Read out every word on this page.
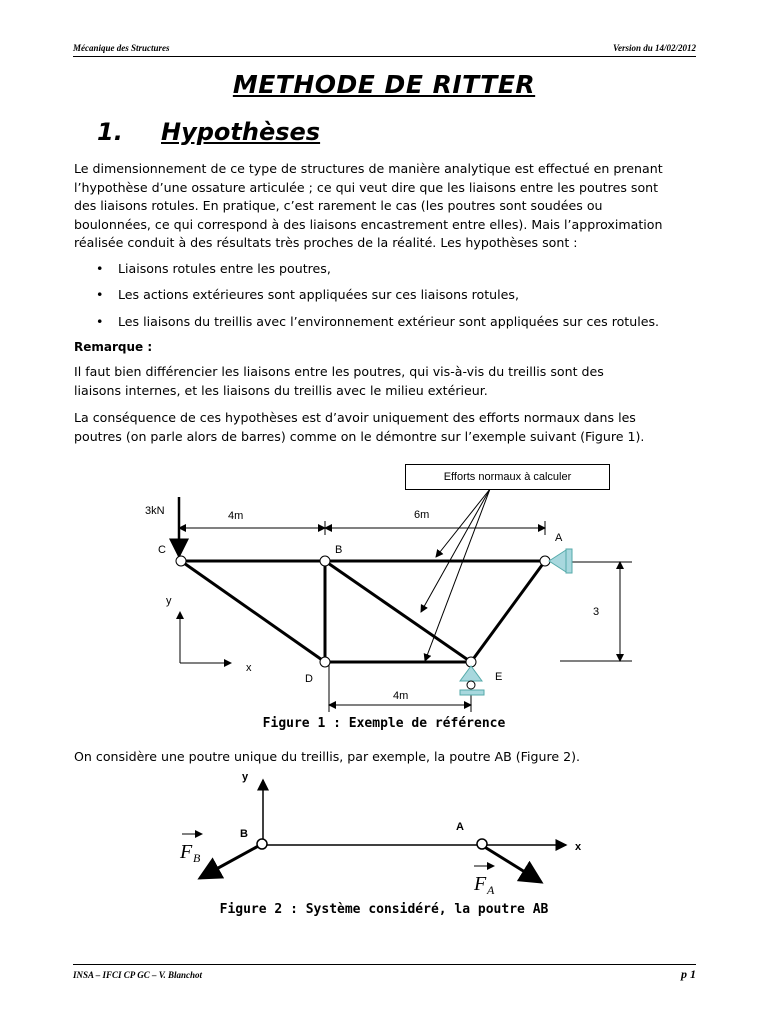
Mécanique des Structures	Version du 14/02/2012
METHODE DE RITTER
1. Hypothèses

Le dimensionnement de ce type de structures de manière analytique est effectué en prenant

l’hypothèse d’une ossature articulée ; ce qui veut dire que les liaisons entre les poutres sont

des liaisons rotules. En pratique, c’est rarement le cas (les poutres sont soudées ou

boulonnées, ce qui correspond à des liaisons encastrement entre elles). Mais l’approximation

réalisée conduit à des résultats très proches de la réalité. Les hypothèses sont :

• Liaisons rotules entre les poutres,
• Les actions extérieures sont appliquées sur ces liaisons rotules,
• Les liaisons du treillis avec l’environnement extérieur sont appliquées sur ces rotules.
Remarque :

Il faut bien différencier les liaisons entre les poutres, qui vis-à-vis du treillis sont des

liaisons internes, et les liaisons du treillis avec le milieu extérieur.

La conséquence de ces hypothèses est d’avoir uniquement des efforts normaux dans les

poutres (on parle alors de barres) comme on le démontre sur l’exemple suivant (Figure 1).

3kN	4m	6m
3
4m
C	B
A
D	E
y
x
y
x
B
A
F B
F A
Efforts normaux à calculer
Figure 1 : Exemple de référence
On considère une poutre unique du treillis, par exemple, la poutre AB (Figure 2).
Figure 2 : Système considéré, la poutre AB
INSA – IFCI CP GC – V. Blanchot	p 1
